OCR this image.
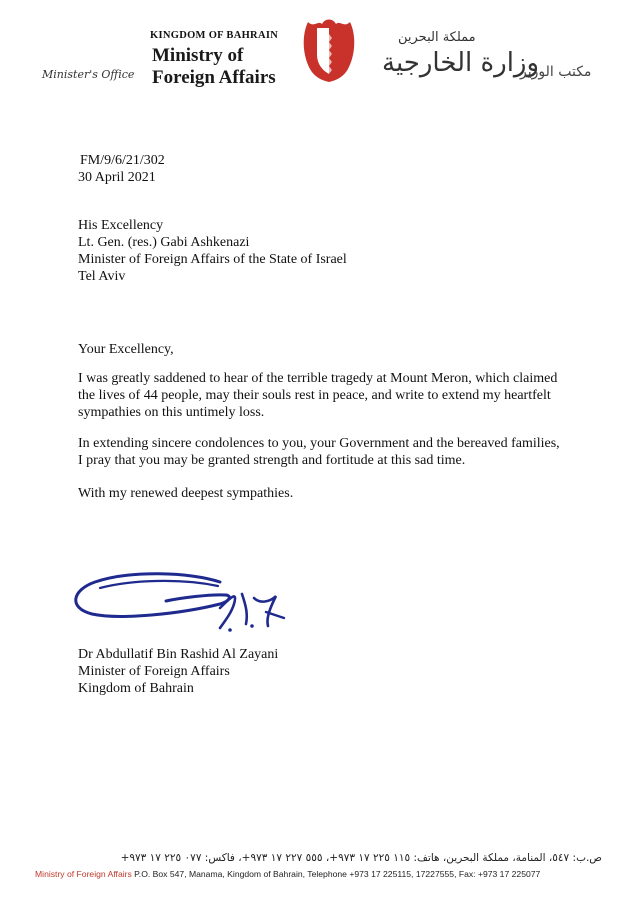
Minister's Office
KINGDOM OF BAHRAIN
Ministry of
Foreign Affairs
مملكة البحرين
وزارة الخارجية
مكتب الوزير
FM/9/6/21/302
30 April 2021
His Excellency
Lt. Gen. (res.) Gabi Ashkenazi
Minister of Foreign Affairs of the State of Israel
Tel Aviv
Your Excellency,
I was greatly saddened to hear of the terrible tragedy at Mount Meron, which claimed
the lives of 44 people, may their souls rest in peace, and write to extend my heartfelt
sympathies on this untimely loss.
In extending sincere condolences to you, your Government and the bereaved families,
I pray that you may be granted strength and fortitude at this sad time.
With my renewed deepest sympathies.
Dr Abdullatif Bin Rashid Al Zayani
Minister of Foreign Affairs
Kingdom of Bahrain
ص.ب: ٥٤٧، المنامة، مملكة البحرين، هاتف: ١١٥ ٢٢٥ ١٧ ٩٧٣+، ٥٥٥ ٢٢٧ ١٧ ٩٧٣+، فاكس: ٠٧٧ ٢٢٥ ١٧ ٩٧٣+
Ministry of Foreign Affairs P.O. Box 547, Manama, Kingdom of Bahrain, Telephone +973 17 225115, 17227555, Fax: +973 17 225077
